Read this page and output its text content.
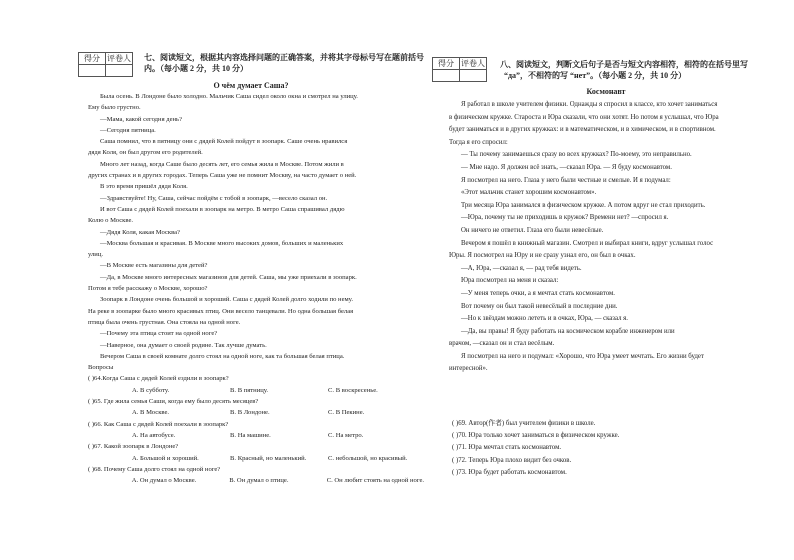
得分	评卷人
	七、阅读短文，根据其内容选择问题的正确答案，并将其字母标号写在题前括号
内。（每小题 2 分，共 10 分）
О чём думает Саша?
Была осень. В Лондоне было холодно. Мальчик Саша сидел около окна и смотрел на улицу.
Ему было грустно.
—Мама, какой сегодня день?
—Сегодня пятница.
Саша помнил, что в пятницу они с дядей Колей пойдут в зоопарк. Саше очень нравился
дядя Коля, он был другом его родителей.
Много лет назад, когда Саше было десять лет, его семья жила в Москве. Потом жили в
других странах и в других городах. Теперь Саша уже не помнит Москву, на часто думает о ней.
В это время пришёл дядя Коля.
—Здравствуйте! Ну, Саша, сейчас пойдём с тобой в зоопарк, —весело сказал он.
И вот Саша с дядей Колей поехали в зоопарк на метро. В метро Саша спрашивал дядю
Колю о Москве.
—Дядя Коля, какая Москва?
—Москва большая и красивая. В Москве много высоких домов, больших и маленьких
улиц.
—В Москве есть магазины для детей?
—Да, в Москве много интересных магазинов для детей. Саша, мы уже приехали в зоопарк.
Потом я тебе расскажу о Москве, хорошо?
Зоопарк в Лондоне очень большой и хороший. Саша с дядей Колей долго ходили по нему.
На реке в зоопарке было много красивых птиц. Они весело танцевали. Но одна большая белая
птица была очень грустная. Она стояла на одной ноге.
—Почему эта птица стоит на одной ноге?
—Наверное, она думает о своей родине. Так лучше думать.
Вечером Саша в своей комнате долго стоял на одной ноге, как та большая белая птица.
Вопросы
( )64.Когда Саша с дядей Колей ездили в зоопарк?
A. В субботу.	B. В пятницу.	C. В воскресенье.
( )65. Где жила семья Саши, когда ему было десять месяцев?
A. В Москве.	B. В Лондоне.	C. В Пекине.
( )66. Как Саша с дядей Колей поехали в зоопарк?
A. На автобусе.	B. На машине.	C. На метро.
( )67. Какой зоопарк в Лондоне?
A. Большой и хороший.	B. Красный, но маленький.	C. небольшой, но красивый.
( )68. Почему Саша долго стоял на одной ноге?
A. Он думал о Москве.	B. Он думал о птице.	C. Он любит стоять на одной ноге.
得分	评卷人
	八、阅读短文，判断文后句子是否与短文内容相符，相符的在括号里写
“да”，不相符的写 “нет”。（每小题 2 分，共 10 分）
Космонавт
Я работал в школе учителем физики. Однажды я спросил в классе, кто хочет заниматься
в физическом кружке. Староста и Юра сказали, что они хотят. Но потом я услышал, что Юра
будет заниматься и в других кружках: и в математическом, и в химическом, и в спортивном.
Тогда я его спросил:
— Ты почему занимаешься сразу во всех кружках? По-моему, это неправильно.
— Мне надо. Я должен всё знать, —сказал Юра. — Я буду космонавтом.
Я посмотрел на него. Глаза у него были честные и смелые. И я подумал:
«Этот мальчик станет хорошим космонавтом».
Три месяца Юра занимался в физическом кружке. А потом вдруг не стал приходить.
—Юра, почему ты не приходишь в кружок? Времени нет? —спросил я.
Он ничего не ответил. Глаза его были невесёлые.
Вечером я пошёл в книжный магазин. Смотрел и выбирал книги, вдруг услышал голос
Юры. Я посмотрел на Юру и не сразу узнал его, он был в очках.
—А, Юра, —сказал я, — рад тебя видеть.
Юра посмотрел на меня и сказал:
—У меня теперь очки, а я мечтал стать космонавтом.
Вот почему он был такой невесёлый в последние дни.
—Но к звёздам можно лететь и в очках, Юра, — сказал я.
—Да, вы правы! Я буду работать на космическом корабле инженером или
врачом, —сказал он и стал весёлым.
Я посмотрел на него и подумал: «Хорошо, что Юра умеет мечтать. Его жизни будет
интересной».
( )69. Автор(作者) был учителем физики в школе.
( )70. Юра только хочет заниматься в физическом кружке.
( )71. Юра мечтал стать космонавтом.
( )72. Теперь Юра плохо видит без очков.
( )73. Юра будет работать космонавтом.
